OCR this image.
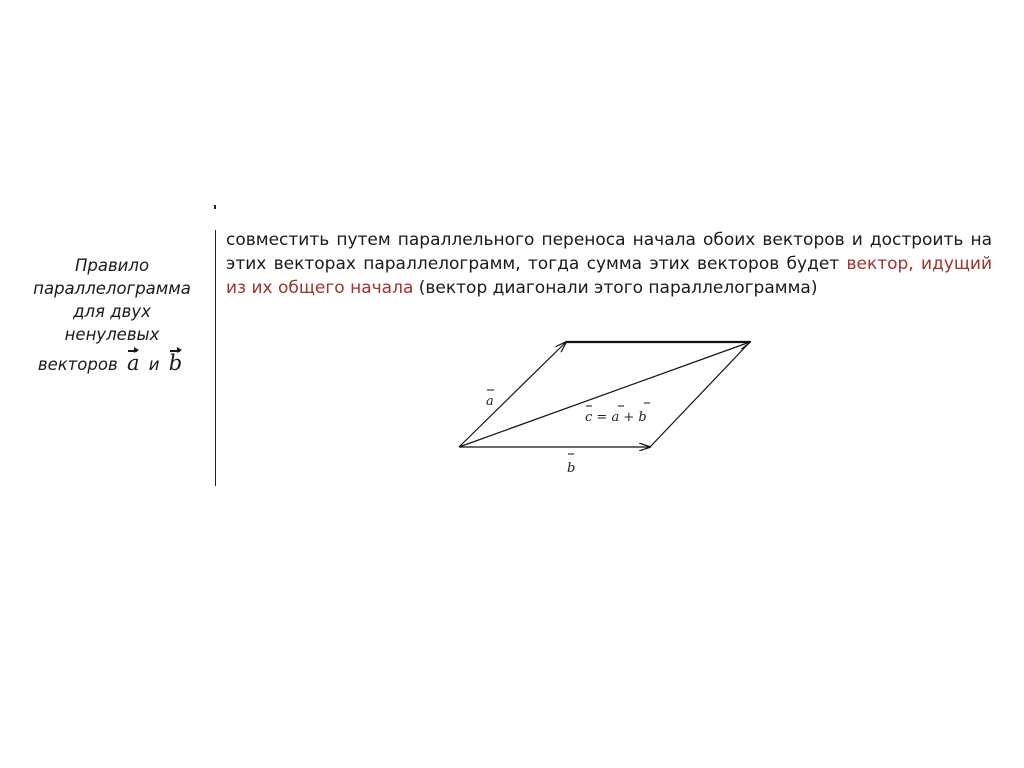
Правило
параллелограмма
для двух
ненулевых
векторов a и b
совместить путем параллельного переноса начала обоих векторов и достроить на этих векторах параллелограмм, тогда сумма этих векторов будет вектор, идущий из их общего начала (вектор диагонали этого параллелограмма)
a
b
c = a + b
